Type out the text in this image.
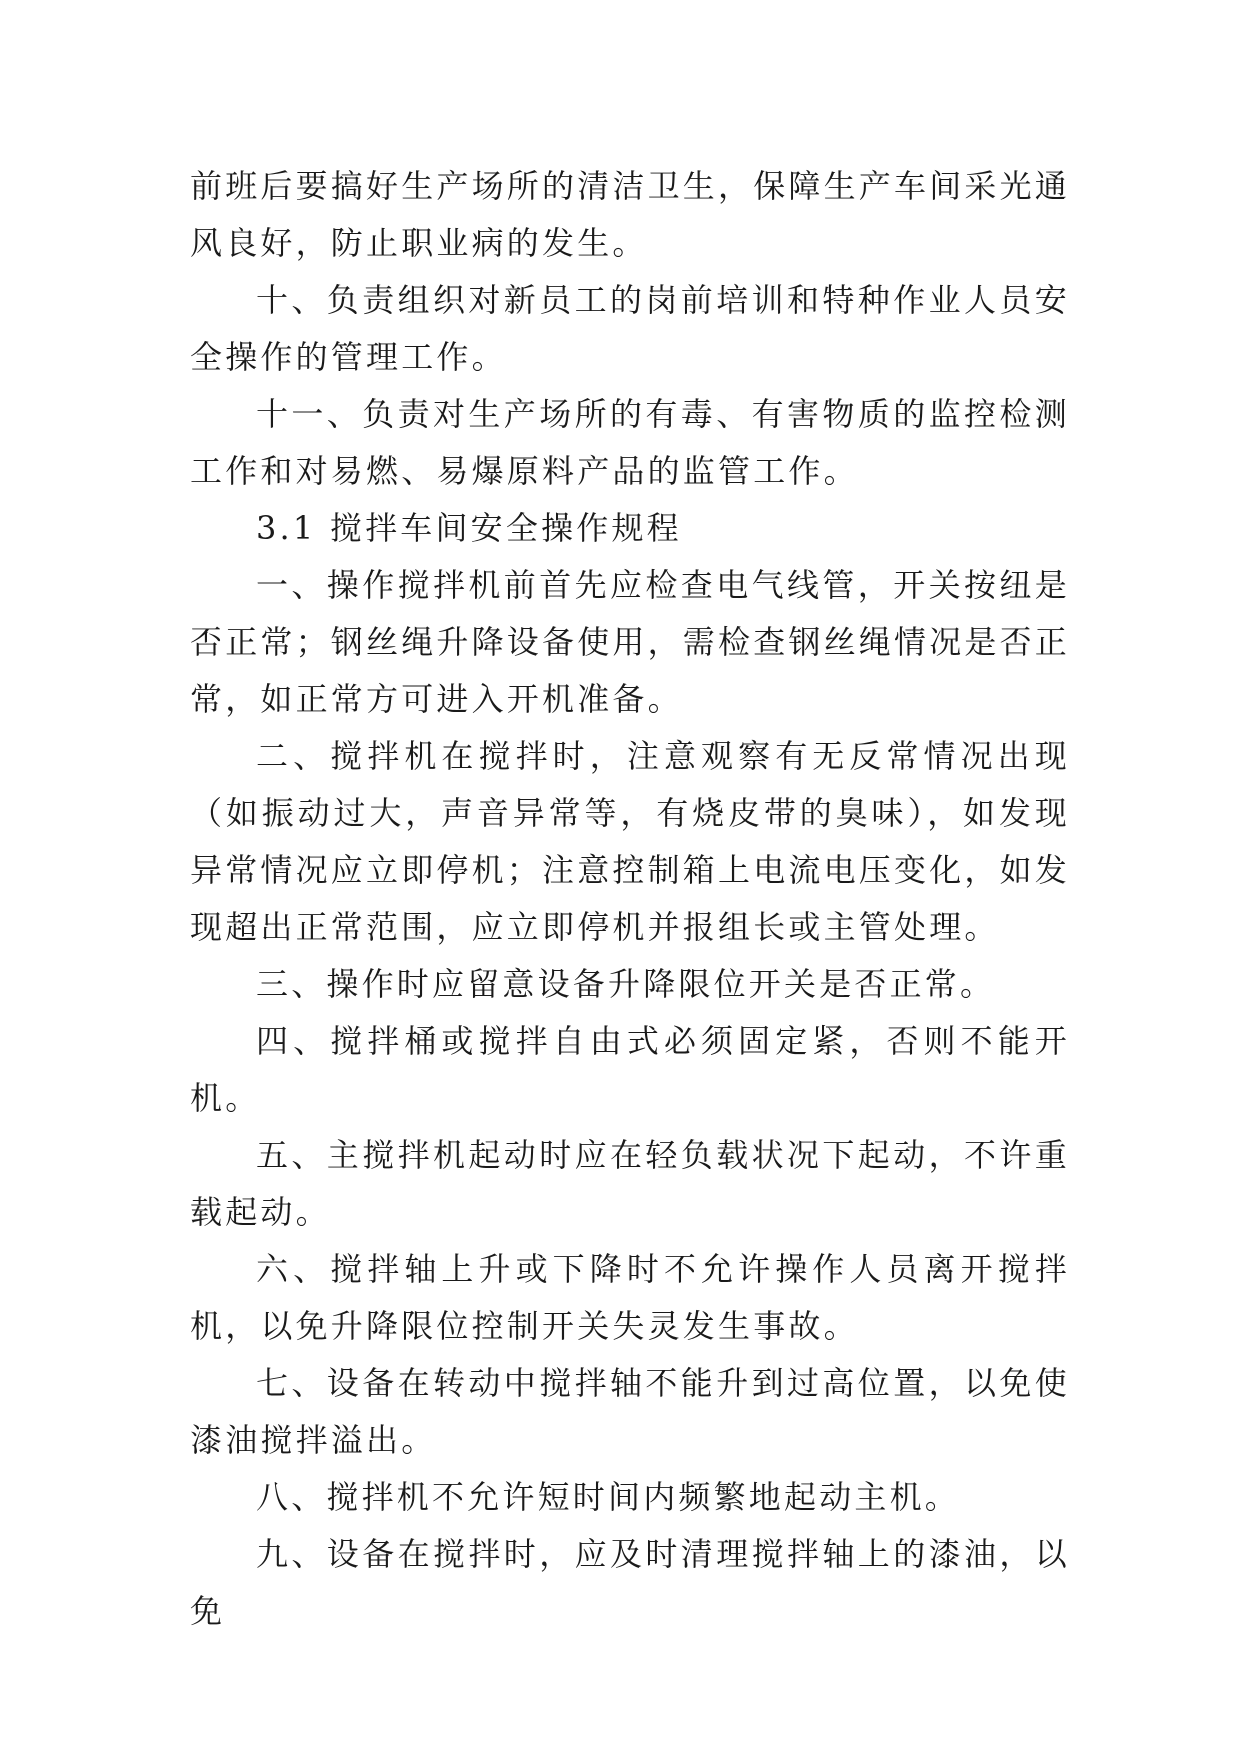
前班后要搞好生产场所的清洁卫生，保障生产车间采光通风良好，防止职业病的发生。

十、负责组织对新员工的岗前培训和特种作业人员安全操作的管理工作。

十一、负责对生产场所的有毒、有害物质的监控检测工作和对易燃、易爆原料产品的监管工作。

3.1 搅拌车间安全操作规程

一、操作搅拌机前首先应检查电气线管，开关按纽是否正常；钢丝绳升降设备使用，需检查钢丝绳情况是否正常，如正常方可进入开机准备。

二、搅拌机在搅拌时，注意观察有无反常情况出现（如振动过大，声音异常等，有烧皮带的臭味），如发现异常情况应立即停机；注意控制箱上电流电压变化，如发现超出正常范围，应立即停机并报组长或主管处理。

三、操作时应留意设备升降限位开关是否正常。

四、搅拌桶或搅拌自由式必须固定紧，否则不能开机。

五、主搅拌机起动时应在轻负载状况下起动，不许重载起动。

六、搅拌轴上升或下降时不允许操作人员离开搅拌机，以免升降限位控制开关失灵发生事故。

七、设备在转动中搅拌轴不能升到过高位置，以免使漆油搅拌溢出。

八、搅拌机不允许短时间内频繁地起动主机。

九、设备在搅拌时，应及时清理搅拌轴上的漆油，以免
